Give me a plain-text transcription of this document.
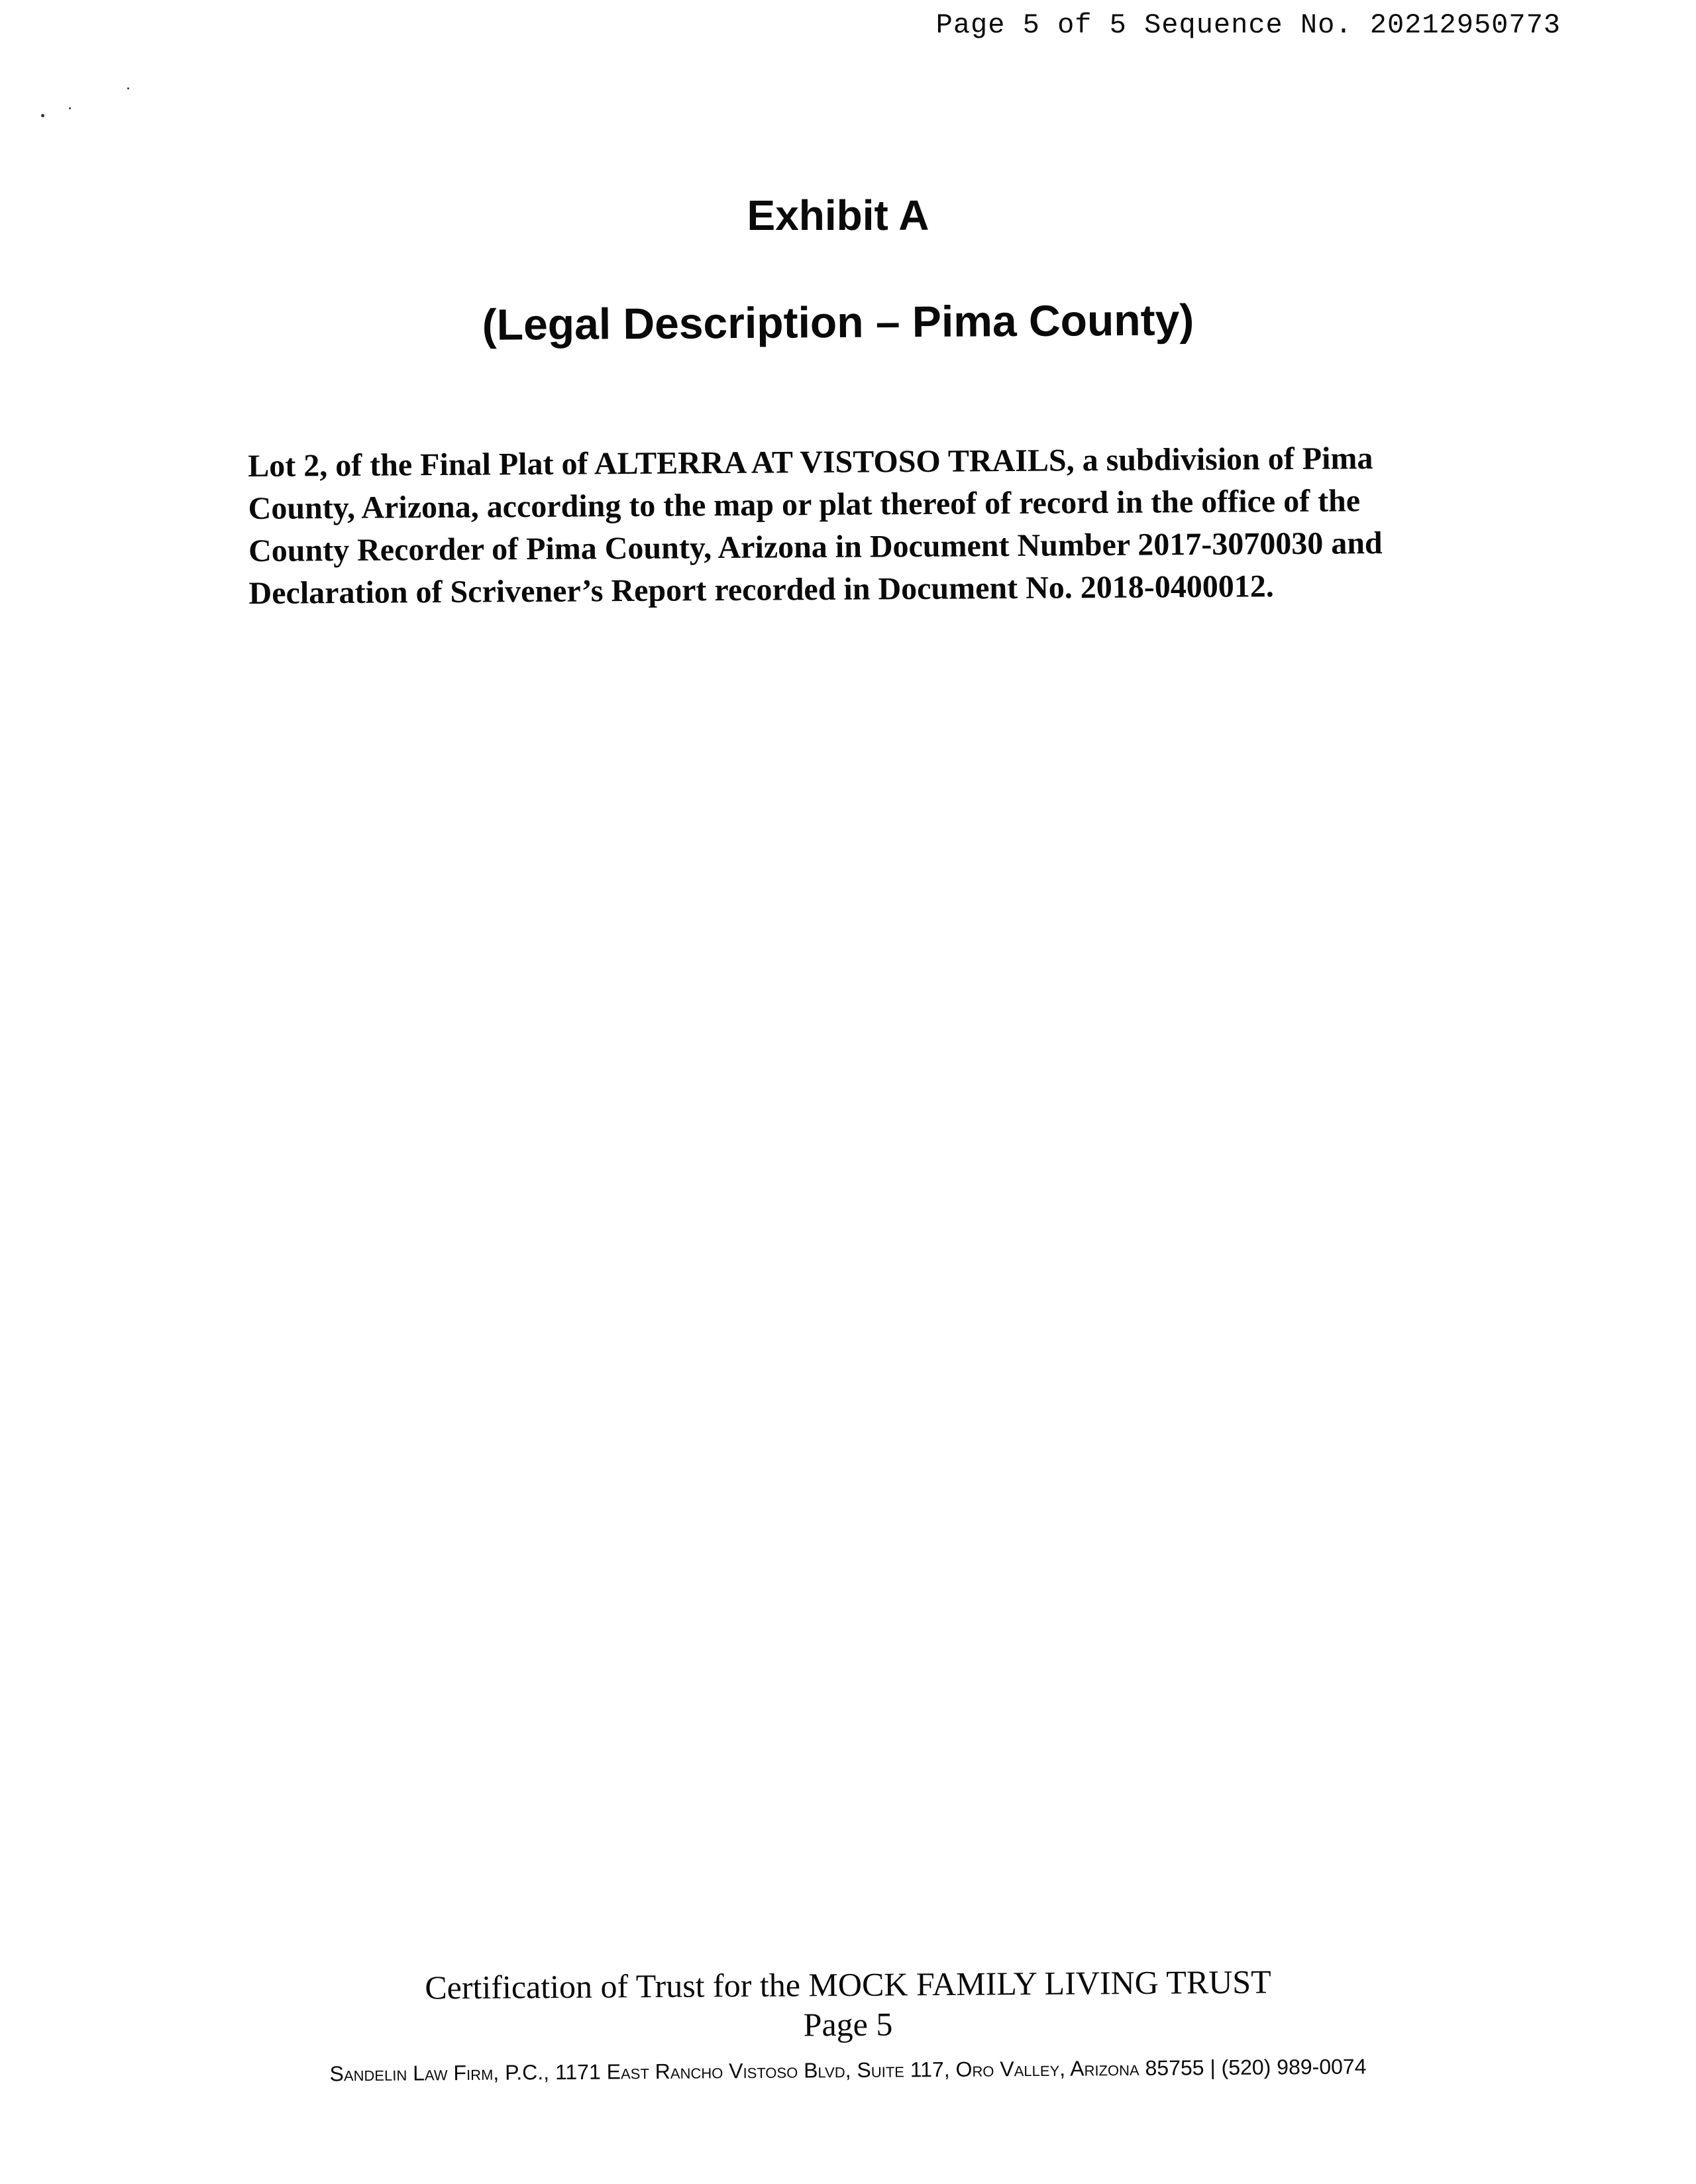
Page 5 of 5 Sequence No. 20212950773
Exhibit A
(Legal Description – Pima County)
Lot 2, of the Final Plat of ALTERRA AT VISTOSO TRAILS, a subdivision of Pima
County, Arizona, according to the map or plat thereof of record in the office of the
County Recorder of Pima County, Arizona in Document Number 2017-3070030 and
Declaration of Scrivener’s Report recorded in Document No. 2018-0400012.
Certification of Trust for the MOCK FAMILY LIVING TRUST
Page 5
Sandelin Law Firm, P.C., 1171 East Rancho Vistoso Blvd, Suite 117, Oro Valley, Arizona 85755 | (520) 989-0074
